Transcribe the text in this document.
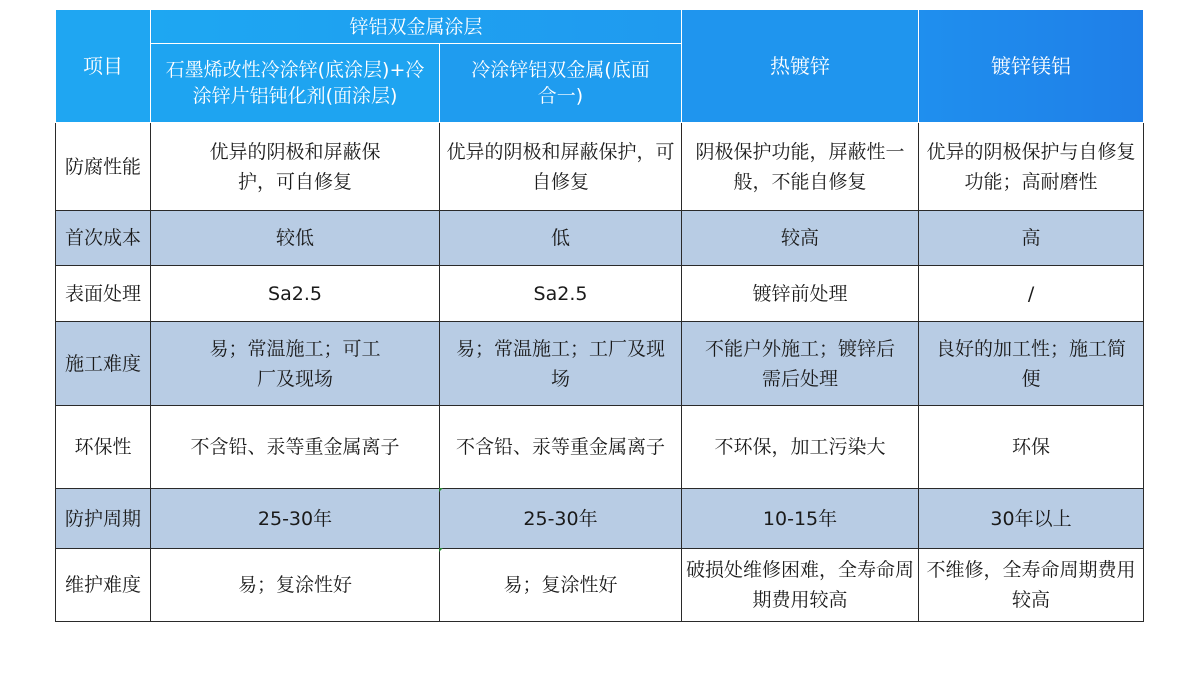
项目	锌铝双金属涂层		热镀锌	镀锌镁铝
	石墨烯改性冷涂锌(底涂层)+冷涂锌片铝钝化剂(面涂层)	冷涂锌铝双金属(底面合一)		
防腐性能	优异的阴极和屏蔽保护，可自修复	优异的阴极和屏蔽保护，可自修复	阴极保护功能，屏蔽性一般，不能自修复	优异的阴极保护与自修复功能；高耐磨性
首次成本	较低	低	较高	高
表面处理	Sa2.5	Sa2.5	镀锌前处理	/
施工难度	易；常温施工；可工厂及现场	易；常温施工；工厂及现场	不能户外施工；镀锌后需后处理	良好的加工性；施工简便
环保性	不含铅、汞等重金属离子	不含铅、汞等重金属离子	不环保，加工污染大	环保
防护周期	25-30年	25-30年	10-15年	30年以上
维护难度	易；复涂性好	易；复涂性好	破损处维修困难，全寿命周期费用较高	不维修，全寿命周期费用较高
